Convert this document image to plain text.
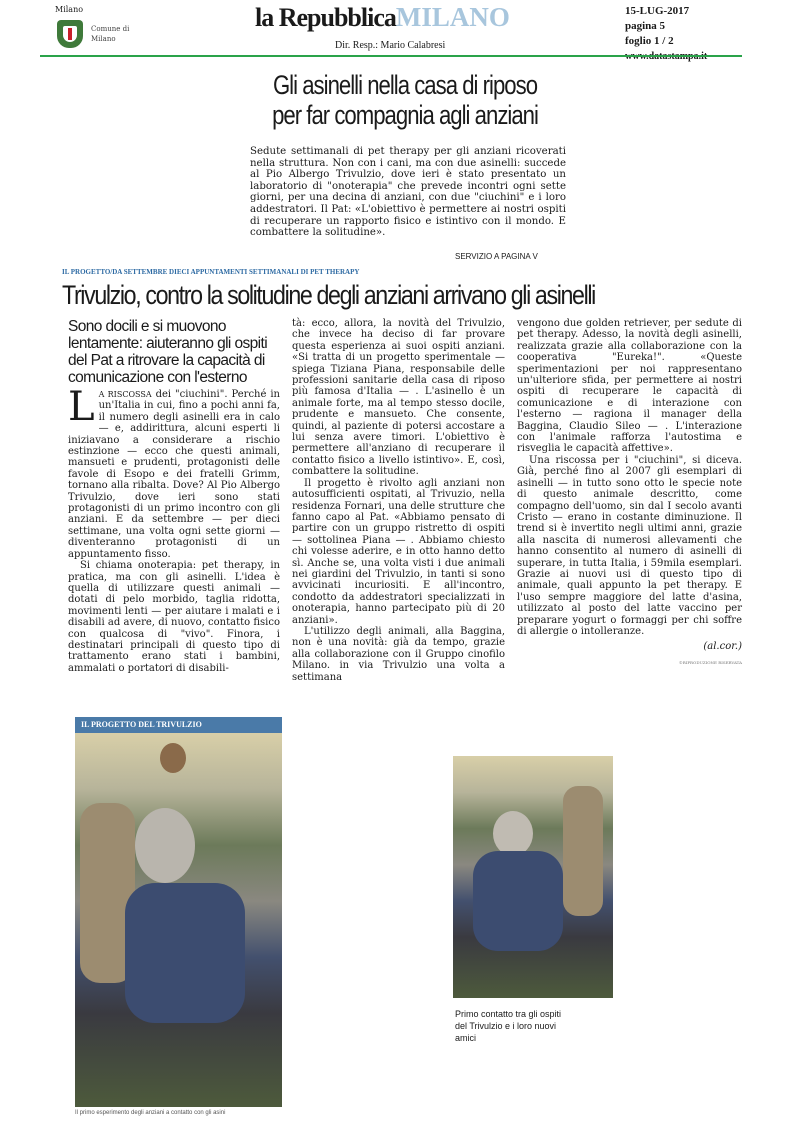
Milano
Comune di Milano
la RepubblicaMILANO
Dir. Resp.: Mario Calabresi
15-LUG-2017
pagina 5
foglio 1 / 2
Gli asinelli nella casa di riposo
per far compagnia agli anziani
Sedute settimanali di pet therapy per gli anziani ricoverati nella struttura. Non con i cani, ma con due asinelli: succede al Pio Albergo Trivulzio, dove ieri è stato presentato un laboratorio di "onoterapia" che prevede incontri ogni sette giorni, per una decina di anziani, con due "ciuchini" e i loro addestratori. Il Pat: «L'obiettivo è permettere ai nostri ospiti di recuperare un rapporto fisico e istintivo con il mondo. E combattere la solitudine».
SERVIZIO A PAGINA V
IL PROGETTO/DA SETTEMBRE DIECI APPUNTAMENTI SETTIMANALI DI PET THERAPY
Trivulzio, contro la solitudine degli anziani arrivano gli asinelli
Sono docili e si muovono lentamente: aiuteranno gli ospiti del Pat a ritrovare la capacità di comunicazione con l'esterno

L A RISCOSSA dei "ciuchini". Perché in un'Italia in cui, fino a pochi anni fa, il numero degli asinelli era in calo — e, addirittura, alcuni esperti li iniziavano a considerare a rischio estinzione — ecco che questi animali, mansueti e prudenti, protagonisti delle favole di Esopo e dei fratelli Grimm, tornano alla ribalta. Dove? Al Pio Albergo Trivulzio, dove ieri sono stati protagonisti di un primo incontro con gli anziani. E da settembre — per dieci settimane, una volta ogni sette giorni — diventeranno protagonisti di un appuntamento fisso.

Si chiama onoterapia: pet therapy, in pratica, ma con gli asinelli. L'idea è quella di utilizzare questi animali — dotati di pelo morbido, taglia ridotta, movimenti lenti — per aiutare i malati e i disabili ad avere, di nuovo, contatto fisico con qualcosa di "vivo". Finora, i destinatari principali di questo tipo di trattamento erano stati i bambini, ammalati o portatori di disabili-

tà: ecco, allora, la novità del Trivulzio, che invece ha deciso di far provare questa esperienza ai suoi ospiti anziani. «Si tratta di un progetto sperimentale — spiega Tiziana Piana, responsabile delle professioni sanitarie della casa di riposo più famosa d'Italia — . L'asinello è un animale forte, ma al tempo stesso docile, prudente e mansueto. Che consente, quindi, al paziente di potersi accostare a lui senza avere timori. L'obiettivo è permettere all'anziano di recuperare il contatto fisico a livello istintivo». E, così, combattere la solitudine.

Il progetto è rivolto agli anziani non autosufficienti ospitati, al Trivuzio, nella residenza Fornari, una delle strutture che fanno capo al Pat. «Abbiamo pensato di partire con un gruppo ristretto di ospiti — sottolinea Piana — . Abbiamo chiesto chi volesse aderire, e in otto hanno detto sì. Anche se, una volta visti i due animali nei giardini del Trivulzio, in tanti si sono avvicinati incuriositi. E all'incontro, condotto da addestratori specializzati in onoterapia, hanno partecipato più di 20 anziani».

L'utilizzo degli animali, alla Baggina, non è una novità: già da tempo, grazie alla collaborazione con il Gruppo cinofilo Milano. in via Trivulzio una volta a settimana

vengono due golden retriever, per sedute di pet therapy. Adesso, la novità degli asinelli, realizzata grazie alla collaborazione con la cooperativa "Eureka!". «Queste sperimentazioni per noi rappresentano un'ulteriore sfida, per permettere ai nostri ospiti di recuperare le capacità di comunicazione e di interazione con l'esterno — ragiona il manager della Baggina, Claudio Sileo — . L'interazione con l'animale rafforza l'autostima e risveglia le capacità affettive».

Una riscossa per i "ciuchini", si diceva. Già, perché fino al 2007 gli esemplari di asinelli — in tutto sono otto le specie note di questo animale descritto, come compagno dell'uomo, sin dal I secolo avanti Cristo — erano in costante diminuzione. Il trend si è invertito negli ultimi anni, grazie alla nascita di numerosi allevamenti che hanno consentito al numero di asinelli di superare, in tutta Italia, i 59mila esemplari. Grazie ai nuovi usi di questo tipo di animale, quali appunto la pet therapy. E l'uso sempre maggiore del latte d'asina, utilizzato al posto del latte vaccino per preparare yogurt o formaggi per chi soffre di allergie o intolleranze.

(al.cor.)
©RIPRODUZIONE RISERVATA
IL PROGETTO DEL TRIVULZIO
Il primo esperimento degli anziani a contatto con gli asini
Primo contatto tra gli ospiti del Trivulzio e i loro nuovi amici
